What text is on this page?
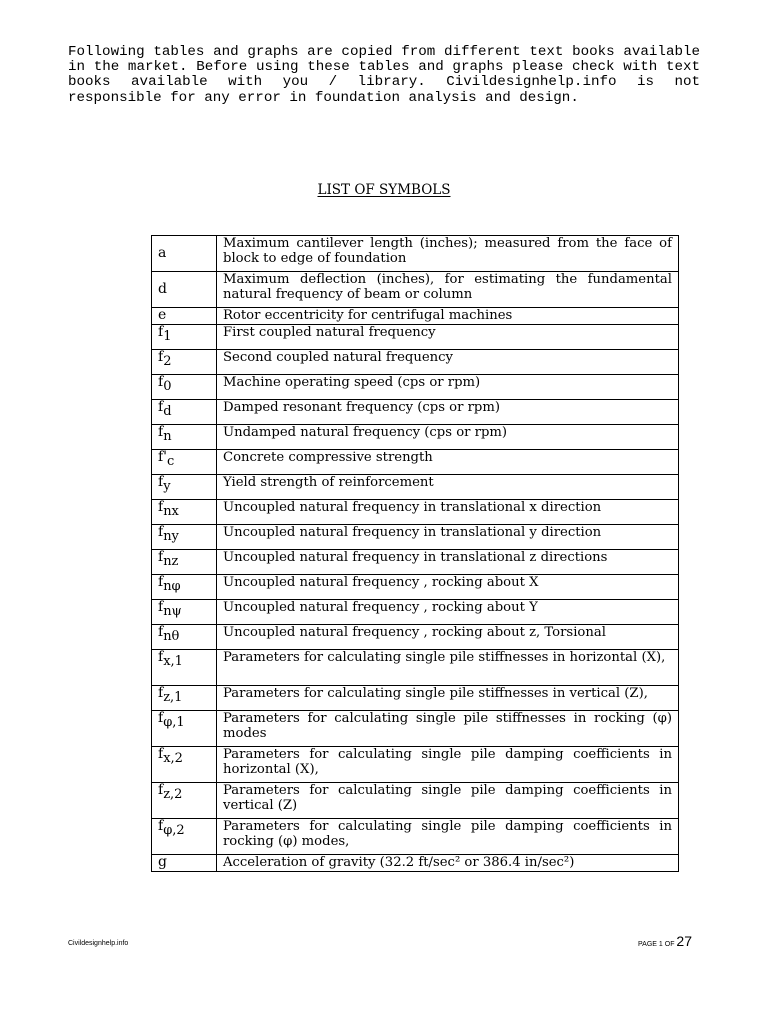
Following tables and graphs are copied from different text books available in the market. Before using these tables and graphs please check with text books available with you / library. Civildesignhelp.info is not responsible for any error in foundation analysis and design.

LIST OF SYMBOLS
a	Maximum cantilever length (inches); measured from the face of block to edge of foundation
d	Maximum deflection (inches), for estimating the fundamental natural frequency of beam or column
e	Rotor eccentricity for centrifugal machines
$f_1$	First coupled natural frequency
$f_2$	Second coupled natural frequency
$f_0$	Machine operating speed (cps or rpm)
$f_d$	Damped resonant frequency (cps or rpm)
$f_n$	Undamped natural frequency (cps or rpm)
$f'_c$	Concrete compressive strength
$f_y$	Yield strength of reinforcement
$f_{nx}$	Uncoupled natural frequency in translational x direction
$f_{ny}$	Uncoupled natural frequency in translational y direction
$f_{nz}$	Uncoupled natural frequency in translational z directions
$f_{n\varphi}$	Uncoupled natural frequency , rocking about X
$f_{n\psi}$	Uncoupled natural frequency , rocking about Y
$f_{n\theta}$	Uncoupled natural frequency , rocking about z, Torsional
$f_{x,1}$	Parameters for calculating single pile stiffnesses in horizontal (X),
$f_{z,1}$	Parameters for calculating single pile stiffnesses in vertical (Z),
$f_{\varphi,1}$	Parameters for calculating single pile stiffnesses in rocking (φ) modes
$f_{x,2}$	Parameters for calculating single pile damping coefficients in horizontal (X),
$f_{z,2}$	Parameters for calculating single pile damping coefficients in vertical (Z)
$f_{\varphi,2}$	Parameters for calculating single pile damping coefficients in rocking (φ) modes,
g	Acceleration of gravity (32.2 ft/sec² or 386.4 in/sec²)
Civildesignhelp.info	PAGE 1 OF 27
